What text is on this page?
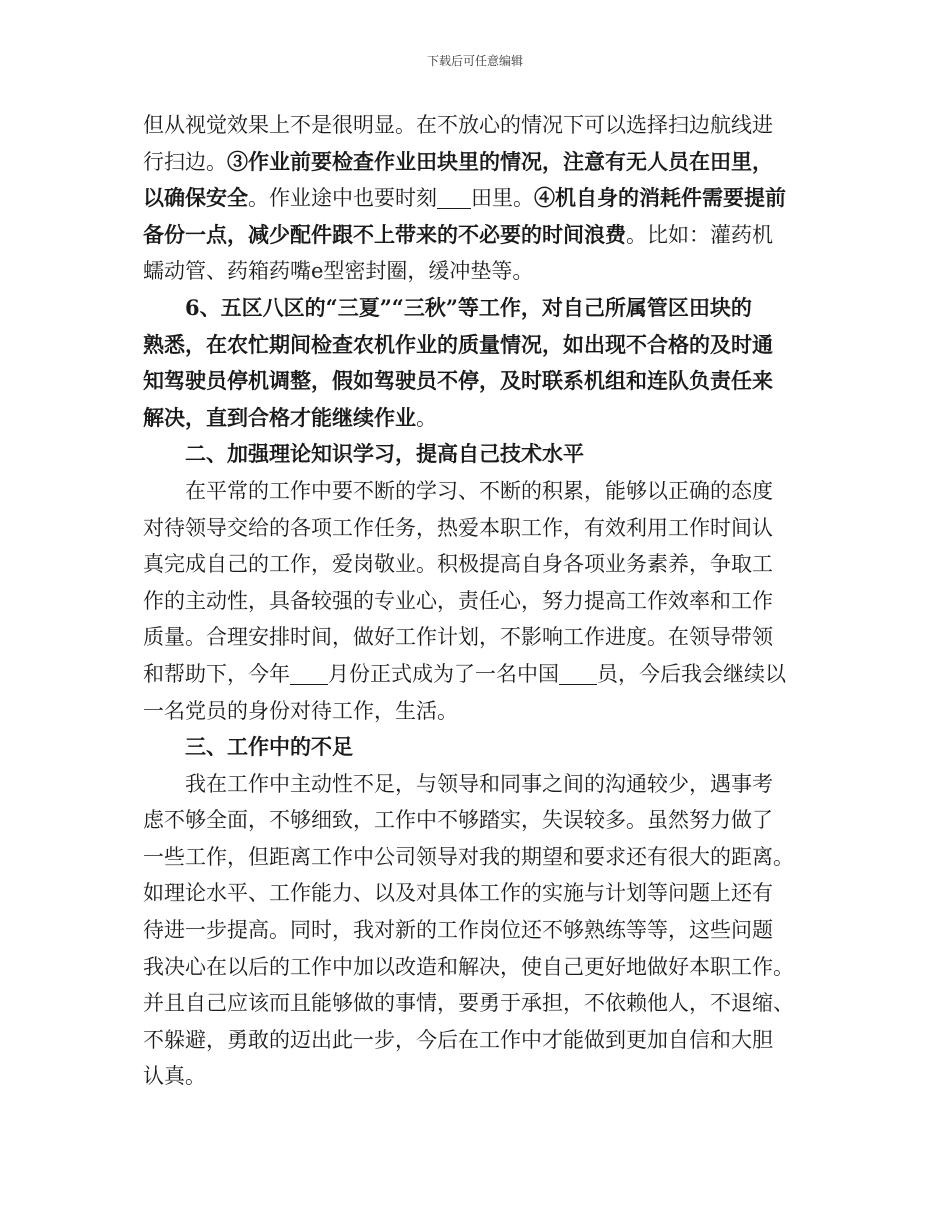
下载后可任意编辑

但从视觉效果上不是很明显。在不放心的情况下可以选择扫边航线进

行扫边。③作业前要检查作业田块里的情况，注意有无人员在田里，

以确保安全。作业途中也要时刻 田里。④机自身的消耗件需要提前

备份一点，减少配件跟不上带来的不必要的时间浪费。比如：灌药机

蠕动管、药箱药嘴e型密封圈，缓冲垫等。

6、五区八区的“三夏”“三秋”等工作，对自己所属管区田块的

熟悉，在农忙期间检查农机作业的质量情况，如出现不合格的及时通

知驾驶员停机调整，假如驾驶员不停，及时联系机组和连队负责任来

解决，直到合格才能继续作业。

二、加强理论知识学习，提高自己技术水平

在平常的工作中要不断的学习、不断的积累，能够以正确的态度

对待领导交给的各项工作任务，热爱本职工作，有效利用工作时间认

真完成自己的工作，爱岗敬业。积极提高自身各项业务素养，争取工

作的主动性，具备较强的专业心，责任心，努力提高工作效率和工作

质量。合理安排时间，做好工作计划，不影响工作进度。在领导带领

和帮助下，今年 月份正式成为了一名中国 员，今后我会继续以

一名党员的身份对待工作，生活。

三、工作中的不足

我在工作中主动性不足，与领导和同事之间的沟通较少，遇事考

虑不够全面，不够细致，工作中不够踏实，失误较多。虽然努力做了

一些工作，但距离工作中公司领导对我的期望和要求还有很大的距离。

如理论水平、工作能力、以及对具体工作的实施与计划等问题上还有

待进一步提高。同时，我对新的工作岗位还不够熟练等等，这些问题

我决心在以后的工作中加以改造和解决，使自己更好地做好本职工作。

并且自己应该而且能够做的事情，要勇于承担，不依赖他人，不退缩、

不躲避，勇敢的迈出此一步，今后在工作中才能做到更加自信和大胆

认真。
